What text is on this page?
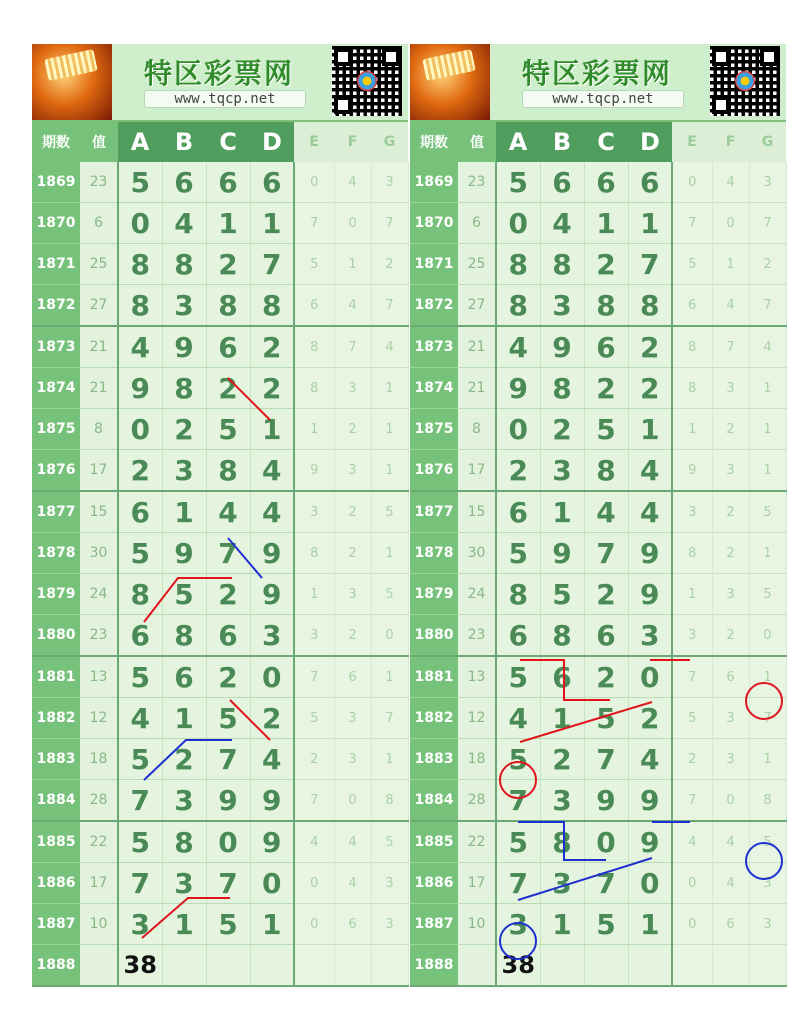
特区彩票网
www.tqcp.net
期数	值	A	B	C	D	E	F	G
1869	23	5	6	6	6	0	4	3
1870	6	0	4	1	1	7	0	7
1871	25	8	8	2	7	5	1	2
1872	27	8	3	8	8	6	4	7
1873	21	4	9	6	2	8	7	4
1874	21	9	8	2	2	8	3	1
1875	8	0	2	5	1	1	2	1
1876	17	2	3	8	4	9	3	1
1877	15	6	1	4	4	3	2	5
1878	30	5	9	7	9	8	2	1
1879	24	8	5	2	9	1	3	5
1880	23	6	8	6	3	3	2	0
1881	13	5	6	2	0	7	6	1
1882	12	4	1	5	2	5	3	7
1883	18	5	2	7	4	2	3	1
1884	28	7	3	9	9	7	0	8
1885	22	5	8	0	9	4	4	5
1886	17	7	3	7	0	0	4	3
1887	10	3	1	5	1	0	6	3
1888		38						
特区彩票网
www.tqcp.net
期数	值	A	B	C	D	E	F	G
1869	23	5	6	6	6	0	4	3
1870	6	0	4	1	1	7	0	7
1871	25	8	8	2	7	5	1	2
1872	27	8	3	8	8	6	4	7
1873	21	4	9	6	2	8	7	4
1874	21	9	8	2	2	8	3	1
1875	8	0	2	5	1	1	2	1
1876	17	2	3	8	4	9	3	1
1877	15	6	1	4	4	3	2	5
1878	30	5	9	7	9	8	2	1
1879	24	8	5	2	9	1	3	5
1880	23	6	8	6	3	3	2	0
1881	13	5	6	2	0	7	6	1
1882	12	4	1	5	2	5	3	7
1883	18	5	2	7	4	2	3	1
1884	28	7	3	9	9	7	0	8
1885	22	5	8	0	9	4	4	5
1886	17	7	3	7	0	0	4	3
1887	10	3	1	5	1	0	6	3
1888		38						
